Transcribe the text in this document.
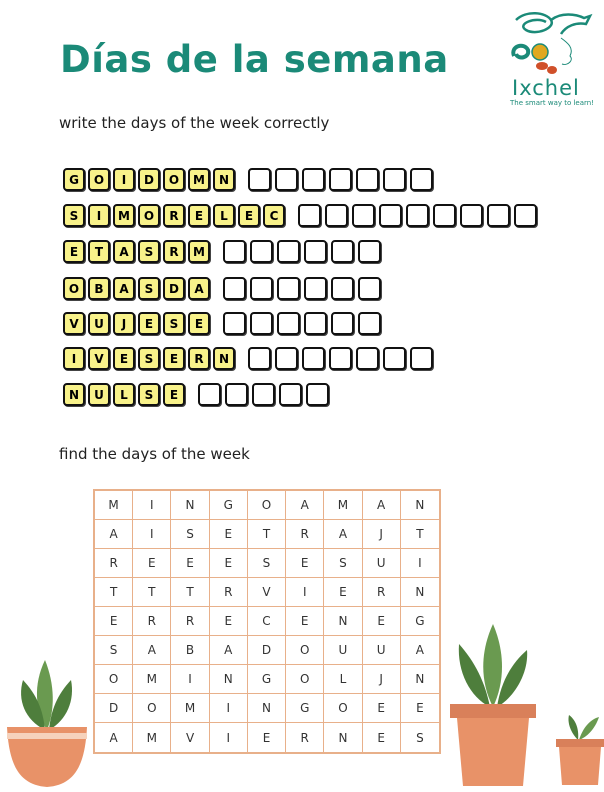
Días de la semana
Ixchel
The smart way to learn!
write the days of the week correctly
G	O	I	D	O	M	N
S	I	M	O	R	E	L	E	C
E	T	A	S	R	M
O	B	A	S	D	A
V	U	J	E	S	E
I	V	E	S	E	R	N
N	U	L	S	E
find the days of the week
M	I	N	G	O	A	M	A	N
A	I	S	E	T	R	A	J	T
R	E	E	E	S	E	S	U	I
T	T	T	R	V	I	E	R	N
E	R	R	E	C	E	N	E	G
S	A	B	A	D	O	U	U	A
O	M	I	N	G	O	L	J	N
D	O	M	I	N	G	O	E	E
A	M	V	I	E	R	N	E	S
